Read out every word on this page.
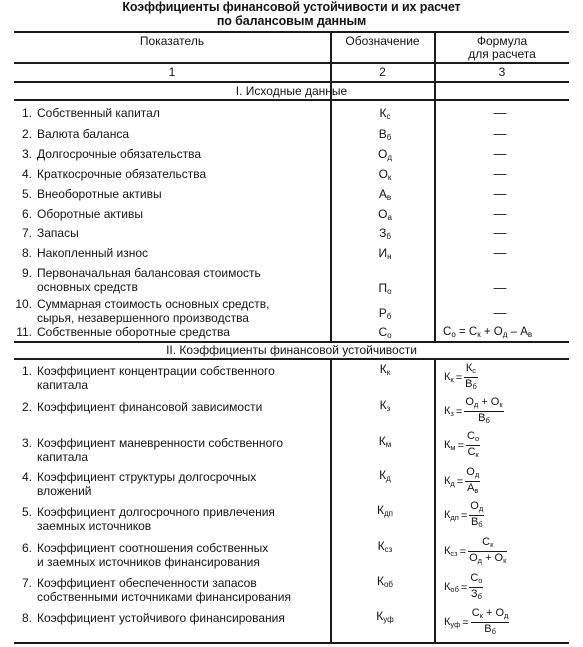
Коэффициенты финансовой устойчивости и их расчет
по балансовым данным
Показатель	Обозначение	Формула
для расчета
1	2	3
I. Исходные данные
1. Собственный капитал	$К_с$	—
2. Валюта баланса	$В_б$	—
3. Долгосрочные обязательства	$О_д$	—
4. Краткосрочные обязательства	$О_к$	—
5. Внеоборотные активы	$А_в$	—
6. Оборотные активы	$О_а$	—
7. Запасы	$З_б$	—
8. Накопленный износ	$И_н$	—
9. Первоначальная балансовая стоимость
основных средств	$П_о$	—
10. Суммарная стоимость основных средств,
сырья, незавершенного производства	$Р_б$	—
11. Собственные оборотные средства	$С_о$	$С_о = С_к + О_д - А_в$
II. Коэффициенты финансовой устойчивости
1. Коэффициент концентрации собственного
капитала
$К_к$	$К_к$ =
$К_с$
$В_б$
2. Коэффициент финансовой зависимости	$К_з$	$К_з$ =
$О_д + О_к$
$В_б$
3. Коэффициент маневренности собственного
капитала
$К_м$	$К_м$ =
$С_о$
$С_к$
4. Коэффициент структуры долгосрочных
вложений
$К_д$	$К_д$ =
$О_д$
$А_в$
5. Коэффициент долгосрочного привлечения
заемных источников
$К_{дп}$	$К_{дп}$ =
$О_д$
$В_б$
6. Коэффициент соотношения собственных
и заемных источников финансирования
$К_{сз}$	$К_{сз}$ =
$С_к$
$О_д + О_к$
7. Коэффициент обеспеченности запасов
собственными источниками финансирования
$К_{об}$	$К_{об}$ =
$С_о$
$З_б$
8. Коэффициент устойчивого финансирования	$К_{уф}$	$К_{уф}$ =
$С_к + О_д$
$В_б$
